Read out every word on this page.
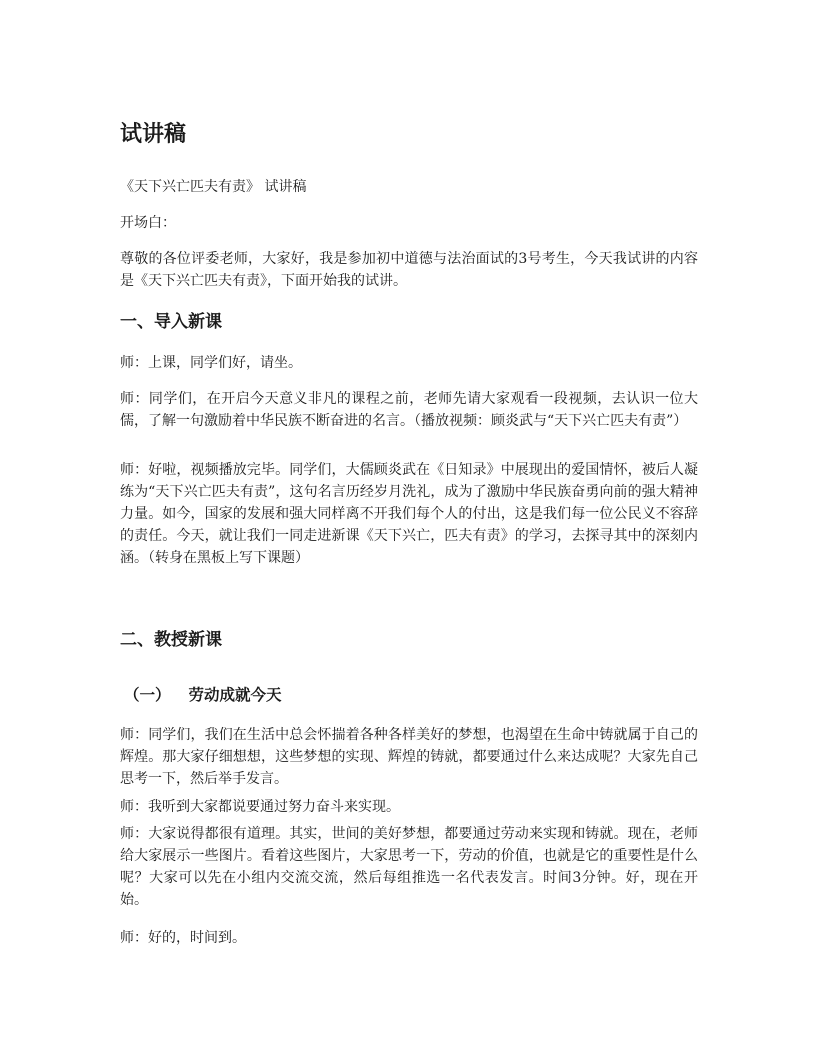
试讲稿
《天下兴亡匹夫有责》 试讲稿

开场白：

尊敬的各位评委老师，大家好，我是参加初中道德与法治面试的3号考生，今天我试讲的内容是《天下兴亡匹夫有责》，下面开始我的试讲。

一、导入新课

师：上课，同学们好，请坐。

师：同学们，在开启今天意义非凡的课程之前，老师先请大家观看一段视频，去认识一位大儒，了解一句激励着中华民族不断奋进的名言。（播放视频：顾炎武与“天下兴亡匹夫有责”）

师：好啦，视频播放完毕。同学们，大儒顾炎武在《日知录》中展现出的爱国情怀，被后人凝练为“天下兴亡匹夫有责”，这句名言历经岁月洗礼，成为了激励中华民族奋勇向前的强大精神力量。如今，国家的发展和强大同样离不开我们每个人的付出，这是我们每一位公民义不容辞的责任。今天，就让我们一同走进新课《天下兴亡，匹夫有责》的学习，去探寻其中的深刻内涵。（转身在黑板上写下课题）

二、教授新课
（一） 劳动成就今天

师：同学们，我们在生活中总会怀揣着各种各样美好的梦想，也渴望在生命中铸就属于自己的辉煌。那大家仔细想想，这些梦想的实现、辉煌的铸就，都要通过什么来达成呢？大家先自己思考一下，然后举手发言。

师：我听到大家都说要通过努力奋斗来实现。

师：大家说得都很有道理。其实，世间的美好梦想，都要通过劳动来实现和铸就。现在，老师给大家展示一些图片。看着这些图片，大家思考一下，劳动的价值，也就是它的重要性是什么呢？大家可以先在小组内交流交流，然后每组推选一名代表发言。时间3分钟。好，现在开始。

师：好的，时间到。
